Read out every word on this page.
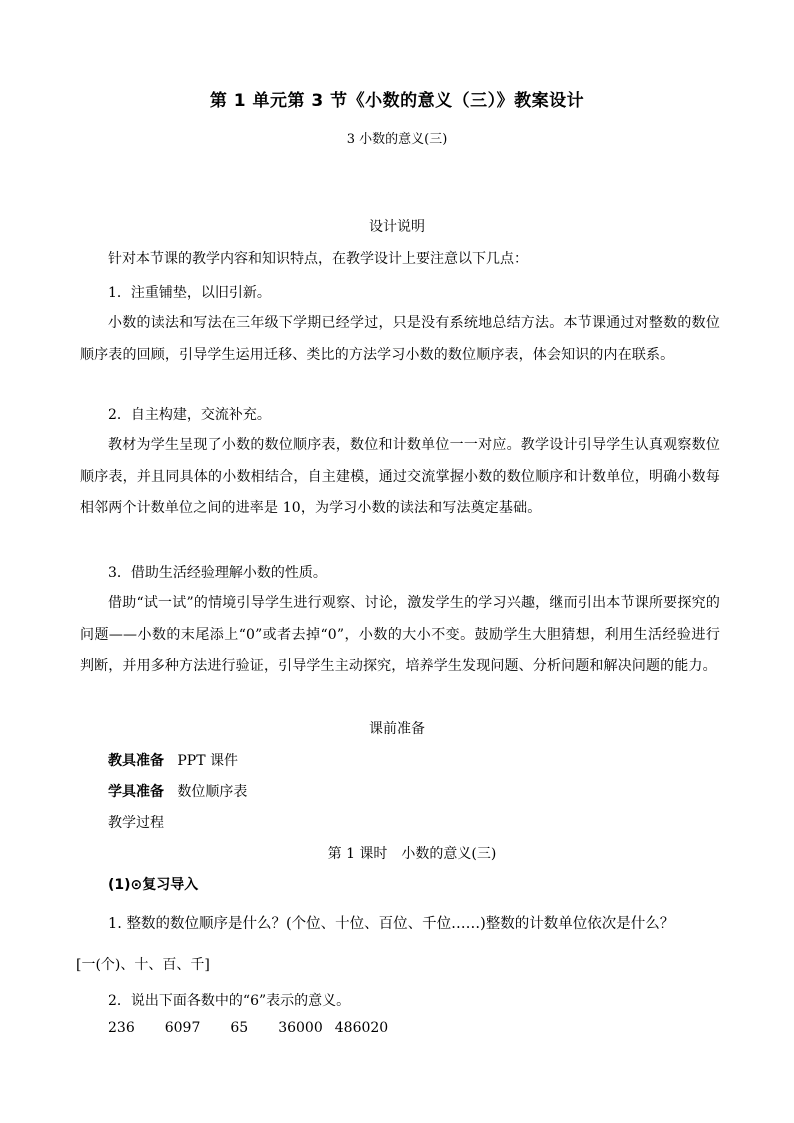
第 1 单元第 3 节《小数的意义（三）》教案设计
3 小数的意义(三)
设计说明
针对本节课的教学内容和知识特点，在教学设计上要注意以下几点：
1．注重铺垫，以旧引新。
小数的读法和写法在三年级下学期已经学过，只是没有系统地总结方法。本节课通过对整数的数位顺序表的回顾，引导学生运用迁移、类比的方法学习小数的数位顺序表，体会知识的内在联系。
2．自主构建，交流补充。
教材为学生呈现了小数的数位顺序表，数位和计数单位一一对应。教学设计引导学生认真观察数位顺序表，并且同具体的小数相结合，自主建模，通过交流掌握小数的数位顺序和计数单位，明确小数每相邻两个计数单位之间的进率是 10，为学习小数的读法和写法奠定基础。
3．借助生活经验理解小数的性质。
借助“试一试”的情境引导学生进行观察、讨论，激发学生的学习兴趣，继而引出本节课所要探究的问题——小数的末尾添上“0”或者去掉“0”，小数的大小不变。鼓励学生大胆猜想，利用生活经验进行判断，并用多种方法进行验证，引导学生主动探究，培养学生发现问题、分析问题和解决问题的能力。
课前准备
教具准备 PPT 课件
学具准备 数位顺序表
教学过程
第 1 课时　小数的意义(三)
(1)⊙复习导入
1. 整数的数位顺序是什么？(个位、十位、百位、千位……)整数的计数单位依次是什么？
[一(个)、十、百、千]
2．说出下面各数中的“6”表示的意义。
236 6097 65 36000 486020
